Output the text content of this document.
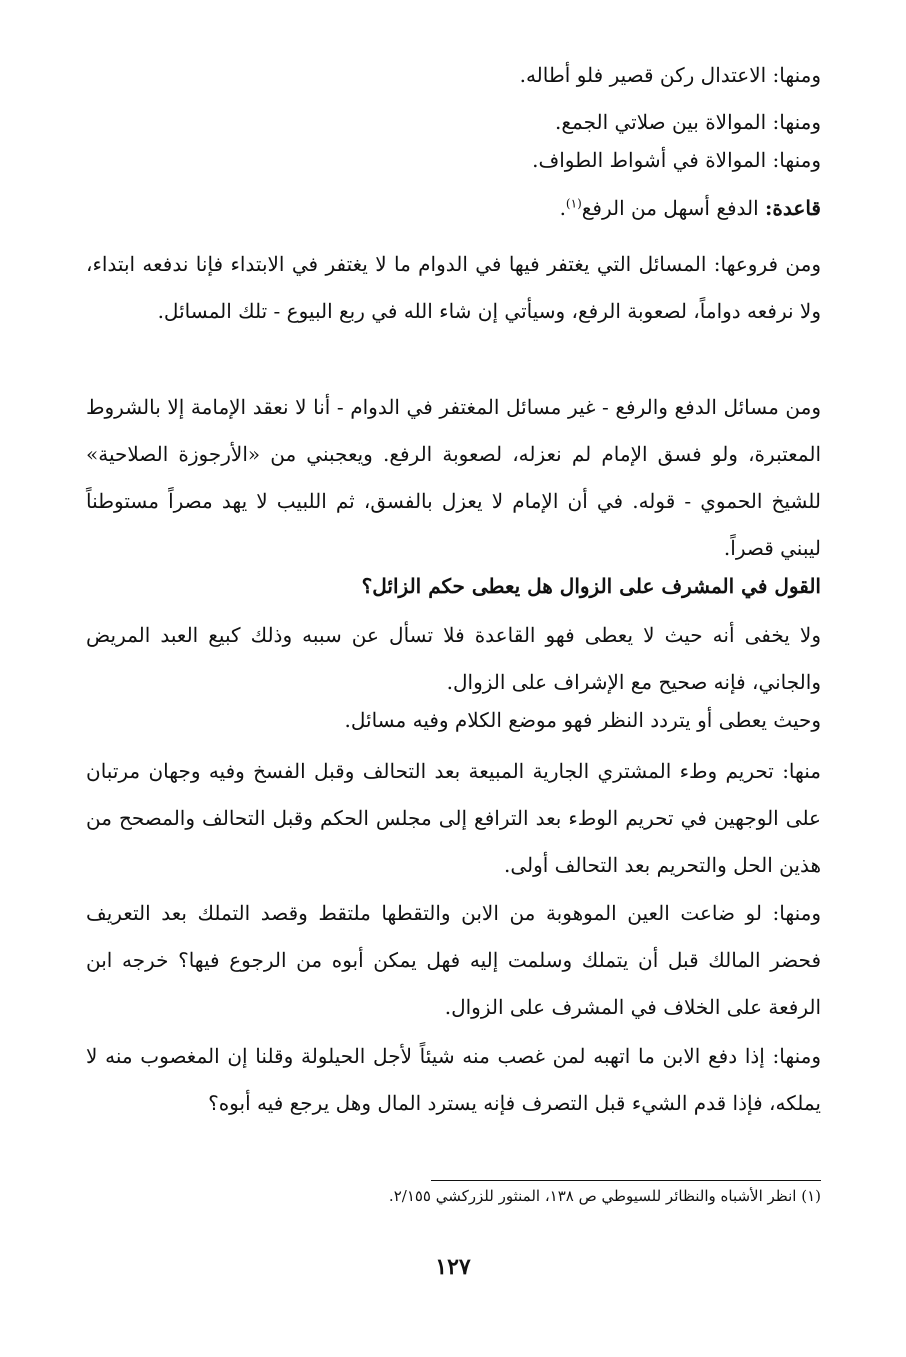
ومنها: الاعتدال ركن قصير فلو أطاله.
ومنها: الموالاة بين صلاتي الجمع.
ومنها: الموالاة في أشواط الطواف.
قاعدة: الدفع أسهل من الرفع$^{(١)}$.
ومن فروعها: المسائل التي يغتفر فيها في الدوام ما لا يغتفر في الابتداء فإنا ندفعه ابتداء، ولا نرفعه دواماً، لصعوبة الرفع، وسيأتي إن شاء الله في ربع البيوع - تلك المسائل.
ومن مسائل الدفع والرفع - غير مسائل المغتفر في الدوام - أنا لا نعقد الإمامة إلا بالشروط المعتبرة، ولو فسق الإمام لم نعزله، لصعوبة الرفع. ويعجبني من «الأرجوزة الصلاحية» للشيخ الحموي - قوله. في أن الإمام لا يعزل بالفسق، ثم اللبيب لا يهد مصراً مستوطناً ليبني قصراً.
القول في المشرف على الزوال هل يعطى حكم الزائل؟
ولا يخفى أنه حيث لا يعطى فهو القاعدة فلا تسأل عن سببه وذلك كبيع العبد المريض والجاني، فإنه صحيح مع الإشراف على الزوال.
وحيث يعطى أو يتردد النظر فهو موضع الكلام وفيه مسائل.
منها: تحريم وطء المشتري الجارية المبيعة بعد التحالف وقبل الفسخ وفيه وجهان مرتبان على الوجهين في تحريم الوطء بعد الترافع إلى مجلس الحكم وقبل التحالف والمصحح من هذين الحل والتحريم بعد التحالف أولى.
ومنها: لو ضاعت العين الموهوبة من الابن والتقطها ملتقط وقصد التملك بعد التعريف فحضر المالك قبل أن يتملك وسلمت إليه فهل يمكن أبوه من الرجوع فيها؟ خرجه ابن الرفعة على الخلاف في المشرف على الزوال.
ومنها: إذا دفع الابن ما اتهبه لمن غصب منه شيئاً لأجل الحيلولة وقلنا إن المغصوب منه لا يملكه، فإذا قدم الشيء قبل التصرف فإنه يسترد المال وهل يرجع فيه أبوه؟
(١) انظر الأشباه والنظائر للسيوطي ص ١٣٨، المنثور للزركشي ٢/١٥٥.
١٢٧
